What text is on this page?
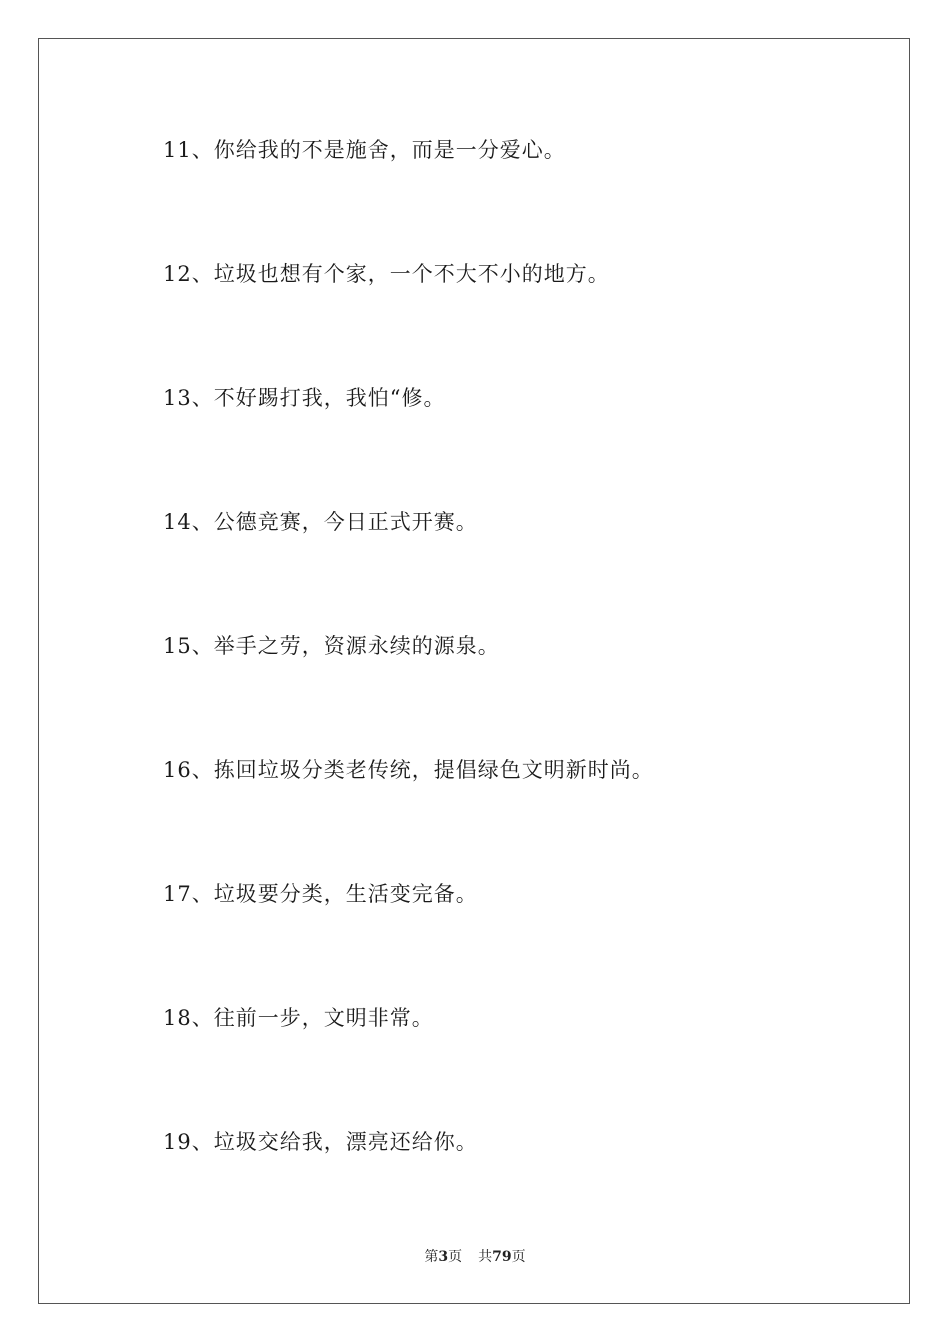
11、你给我的不是施舍，而是一分爱心。
12、垃圾也想有个家，一个不大不小的地方。
13、不好踢打我，我怕“修。
14、公德竞赛，今日正式开赛。
15、举手之劳，资源永续的源泉。
16、拣回垃圾分类老传统，提倡绿色文明新时尚。
17、垃圾要分类，生活变完备。
18、往前一步，文明非常。
19、垃圾交给我，漂亮还给你。
第3页 共79页
